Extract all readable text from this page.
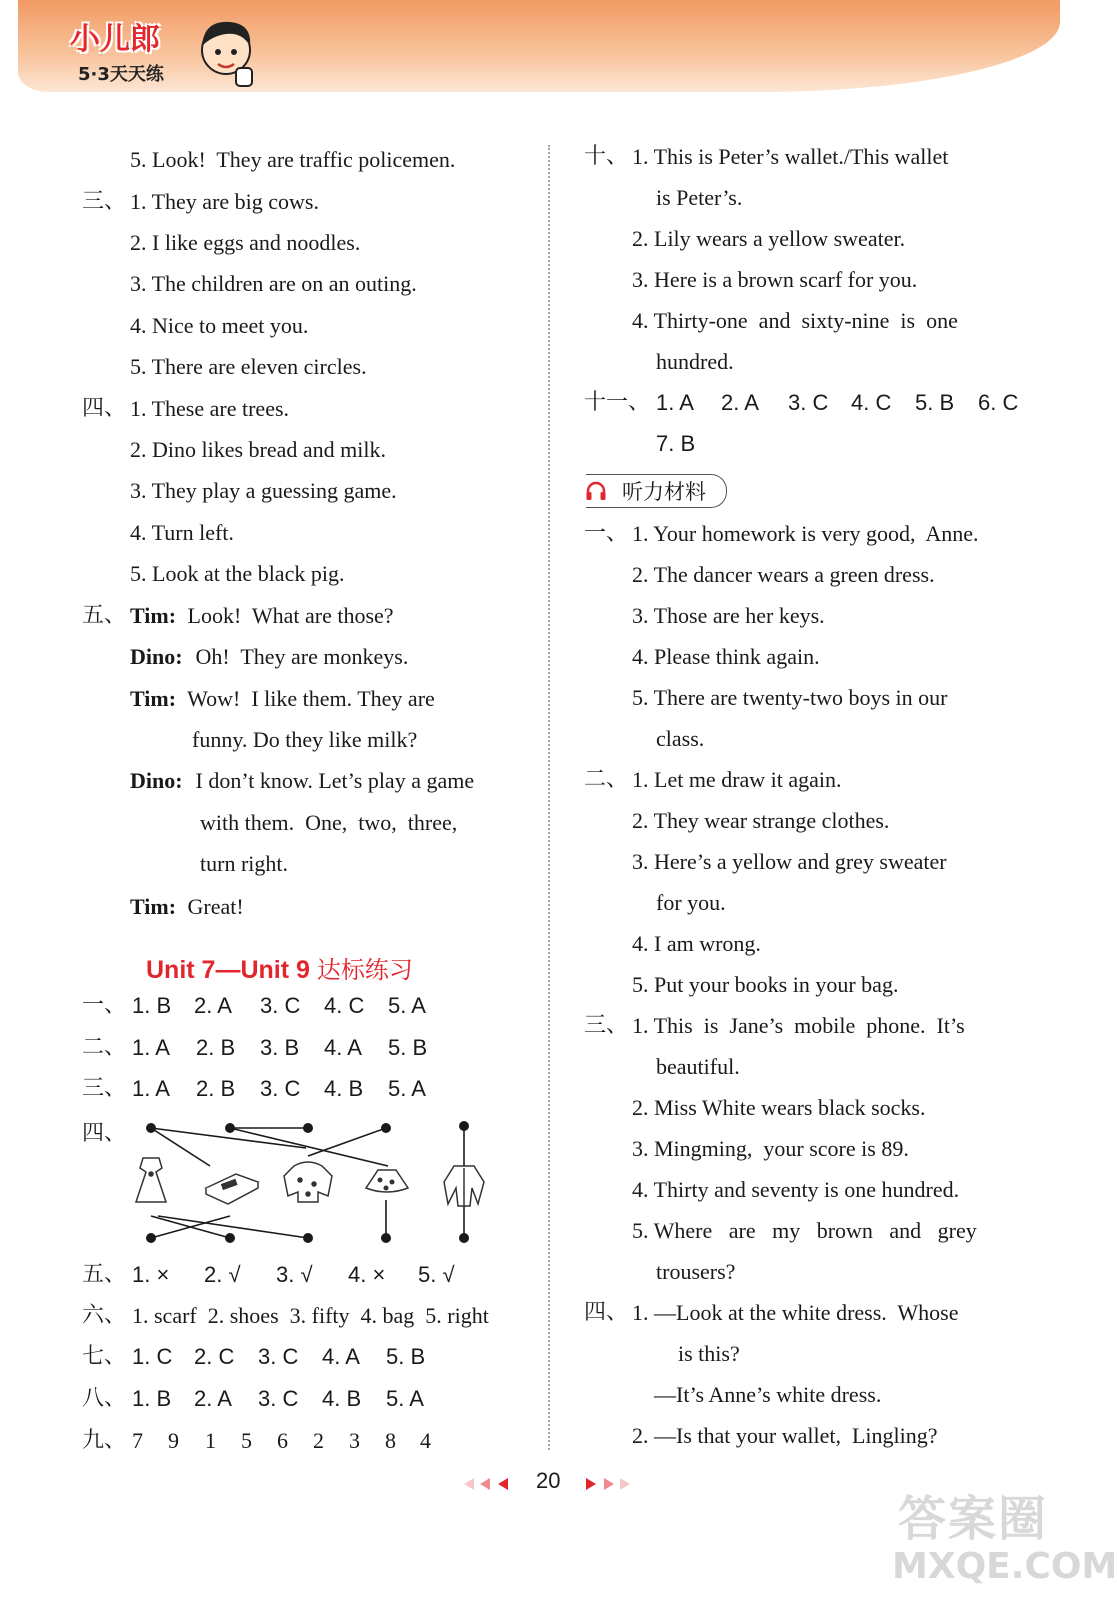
小儿郎
5·3天天练
5. Look!  They are traffic policemen.
三、 1. They are big cows.
2. I like eggs and noodles.
3. The children are on an outing.
4. Nice to meet you.
5. There are eleven circles.
四、 1. These are trees.
2. Dino likes bread and milk.
3. They play a guessing game.
4. Turn left.
5. Look at the black pig.
五、 Tim: Look!  What are those?
Dino: Oh!  They are monkeys.
Tim: Wow!  I like them. They are
funny. Do they like milk?
Dino: I don’t know. Let’s play a game
with them.  One,  two,  three,
turn right.
Tim: Great!
Unit 7—Unit 9 达标练习
一、 1. B 2. A 3. C 4. C 5. A
二、 1. A 2. B 3. B 4. A 5. B
三、 1. A 2. B 3. C 4. B 5. A
四、
五、 1. × 2. √ 3. √ 4. × 5. √
六、 1. scarf  2. shoes  3. fifty  4. bag  5. right
七、 1. C 2. C 3. C 4. A 5. B
八、 1. B 2. A 3. C 4. B 5. A
九、 7 9 1 5 6 2 3 8 4
十、 1. This is Peter’s wallet./This wallet
is Peter’s.
2. Lily wears a yellow sweater.
3. Here is a brown scarf for you.
4. Thirty-one  and  sixty-nine  is  one
hundred.
十一、 1. A 2. A 3. C 4. C 5. B 6. C
7. B
听力材料
一、 1. Your homework is very good,  Anne.
2. The dancer wears a green dress.
3. Those are her keys.
4. Please think again.
5. There are twenty-two boys in our
class.
二、 1. Let me draw it again.
2. They wear strange clothes.
3. Here’s a yellow and grey sweater
for you.
4. I am wrong.
5. Put your books in your bag.
三、 1. This  is  Jane’s  mobile  phone.  It’s
beautiful.
2. Miss White wears black socks.
3. Mingming,  your score is 89.
4. Thirty and seventy is one hundred.
5. Where   are   my   brown   and   grey
trousers?
四、 1. —Look at the white dress.  Whose
is this?
—It’s Anne’s white dress.
2. —Is that your wallet,  Lingling?
20
答案圈
MXQE.COM
